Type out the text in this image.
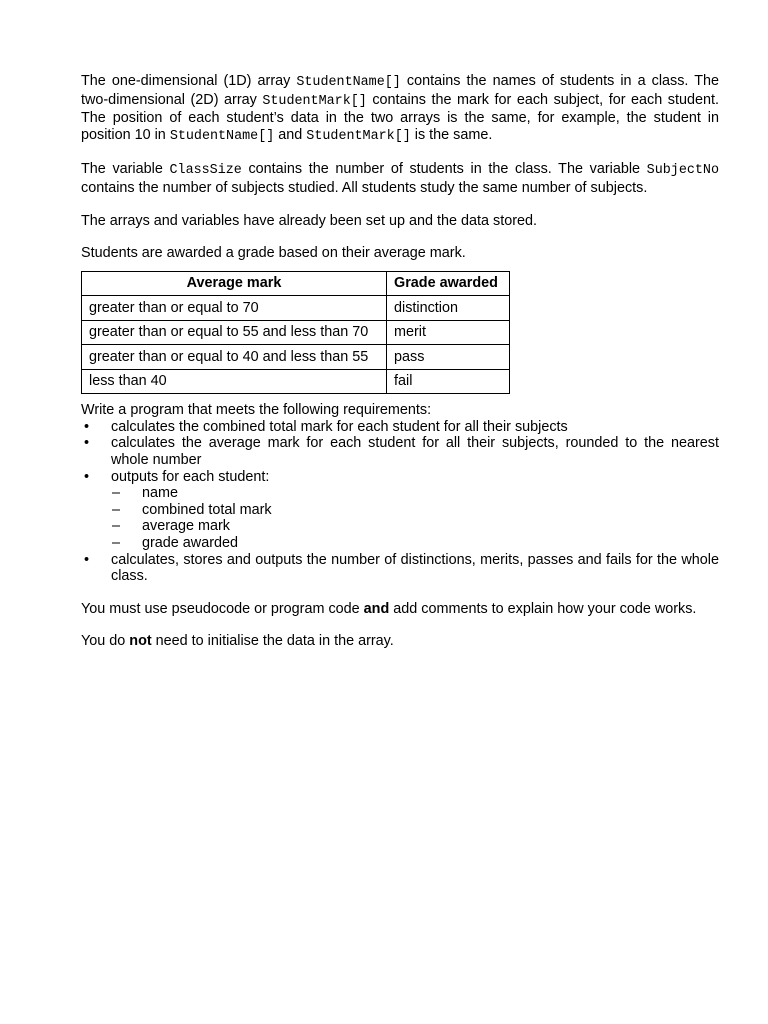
The one-dimensional (1D) array StudentName[] contains the names of students in a class. The two-dimensional (2D) array StudentMark[] contains the mark for each subject, for each student. The position of each student’s data in the two arrays is the same, for example, the student in position 10 in StudentName[] and StudentMark[] is the same.

The variable ClassSize contains the number of students in the class. The variable SubjectNo contains the number of subjects studied. All students study the same number of subjects.

The arrays and variables have already been set up and the data stored.

Students are awarded a grade based on their average mark.

Average mark	Grade awarded
greater than or equal to 70	distinction
greater than or equal to 55 and less than 70	merit
greater than or equal to 40 and less than 55	pass
less than 40	fail

Write a program that meets the following requirements:

• calculates the combined total mark for each student for all their subjects
• calculates the average mark for each student for all their subjects, rounded to the nearest whole number
• outputs for each student:
– name
– combined total mark
– average mark
– grade awarded
• calculates, stores and outputs the number of distinctions, merits, passes and fails for the whole class.

You must use pseudocode or program code and add comments to explain how your code works.

You do not need to initialise the data in the array.
